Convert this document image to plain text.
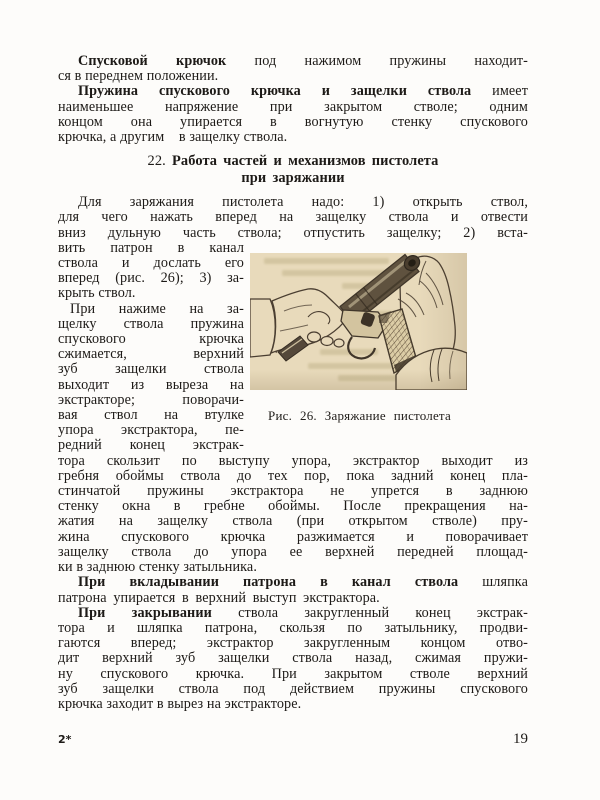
Спусковой крючок под нажимом пружины находит-
ся в переднем положении.
Пружина спускового крючка и защелки ствола имеет
наименьшее напряжение при закрытом стволе; одним
концом она упирается в вогнутую стенку спускового
крючка, а другим    в защелку ствола.
22. Работа частей и механизмов пистолета
при заряжании
Для заряжания пистолета надо: 1) открыть ствол,
для чего нажать вперед на защелку ствола и отвести
вниз дульную часть ствола; отпустить защелку; 2) вста-
вить патрон в канал
ствола и дослать его
вперед (рис. 26); 3) за-
крыть ствол.
При нажиме на за-
щелку ствола пружина
спускового крючка
сжимается, верхний
зуб защелки ствола
выходит из выреза на
экстракторе; поворачи-
вая ствол на втулке
упора экстрактора, пе-
редний конец экстрак-
Рис. 26. Заряжание пистолета
тора скользит по выступу упора, экстрактор выходит из
гребня обоймы ствола до тех пор, пока задний конец пла-
стинчатой пружины экстрактора не упрется в заднюю
стенку окна в гребне обоймы. После прекращения на-
жатия на защелку ствола (при открытом стволе) пру-
жина спускового крючка разжимается и поворачивает
защелку ствола до упора ее верхней передней площад-
ки в заднюю стенку затыльника.
При вкладывании патрона в канал ствола шляпка
патрона упирается в верхний выступ экстрактора.
При закрывании ствола закругленный конец экстрак-
тора и шляпка патрона, скользя по затыльнику, продви-
гаются вперед; экстрактор закругленным концом отво-
дит верхний зуб защелки ствола назад, сжимая пружи-
ну спускового крючка. При закрытом стволе верхний
зуб защелки ствола под действием пружины спускового
крючка заходит в вырез на экстракторе.
2*	19
